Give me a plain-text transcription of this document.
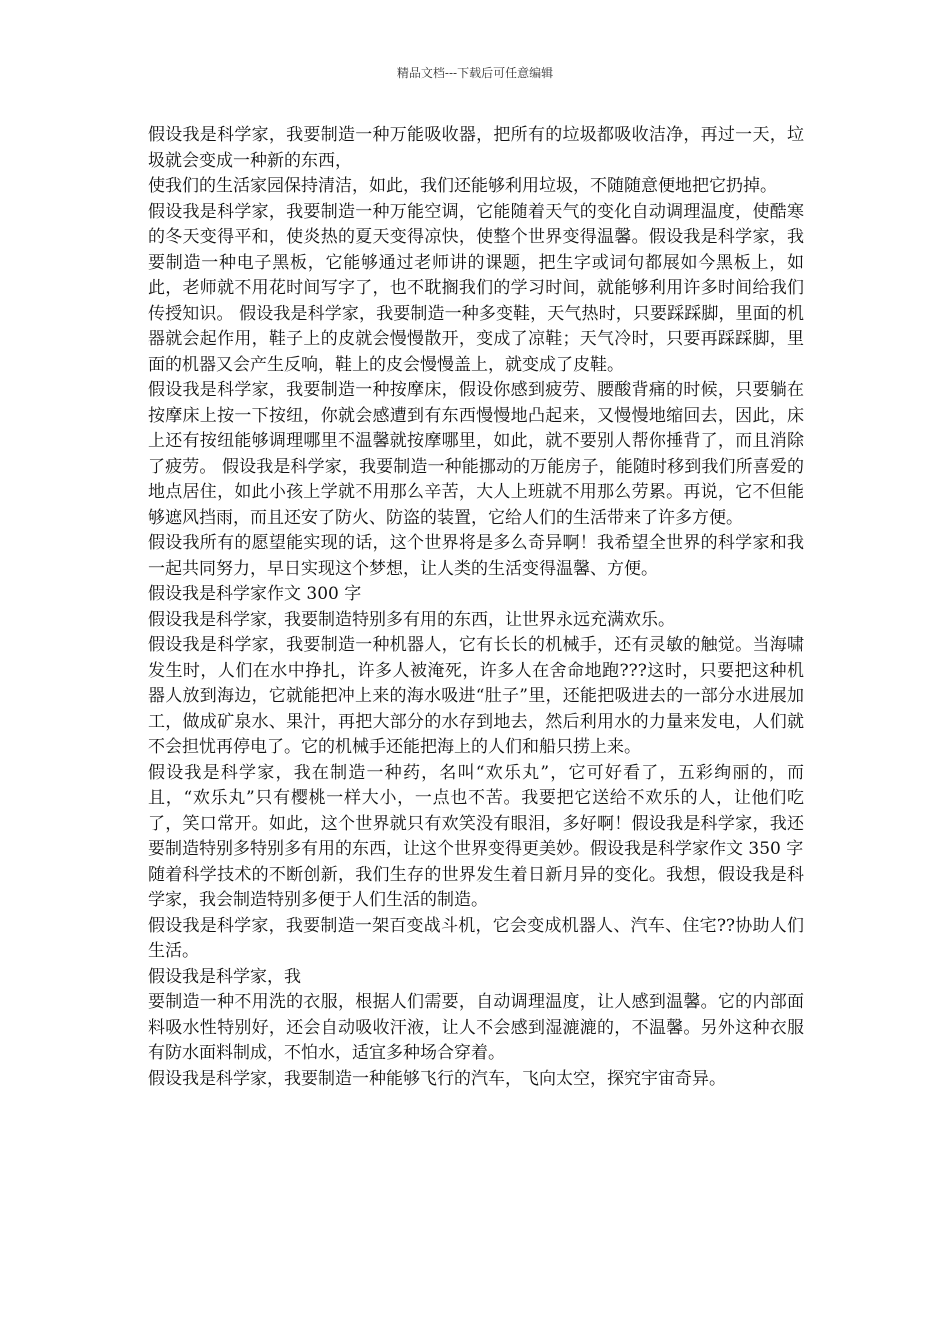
精品文档---下载后可任意编辑

假设我是科学家，我要制造一种万能吸收器，把所有的垃圾都吸收洁净，再过一天，垃圾就会变成一种新的东西，

使我们的生活家园保持清洁，如此，我们还能够利用垃圾，不随随意便地把它扔掉。

假设我是科学家，我要制造一种万能空调，它能随着天气的变化自动调理温度，使酷寒的冬天变得平和，使炎热的夏天变得凉快，使整个世界变得温馨。假设我是科学家，我要制造一种电子黑板，它能够通过老师讲的课题，把生字或词句都展如今黑板上，如此，老师就不用花时间写字了，也不耽搁我们的学习时间，就能够利用许多时间给我们传授知识。 假设我是科学家，我要制造一种多变鞋，天气热时，只要踩踩脚，里面的机器就会起作用，鞋子上的皮就会慢慢散开，变成了凉鞋；天气冷时，只要再踩踩脚，里面的机器又会产生反响，鞋上的皮会慢慢盖上，就变成了皮鞋。

假设我是科学家，我要制造一种按摩床，假设你感到疲劳、腰酸背痛的时候，只要躺在按摩床上按一下按纽，你就会感遭到有东西慢慢地凸起来，又慢慢地缩回去，因此，床上还有按纽能够调理哪里不温馨就按摩哪里，如此，就不要别人帮你捶背了，而且消除了疲劳。 假设我是科学家，我要制造一种能挪动的万能房子，能随时移到我们所喜爱的地点居住，如此小孩上学就不用那么辛苦，大人上班就不用那么劳累。再说，它不但能够遮风挡雨，而且还安了防火、防盗的装置，它给人们的生活带来了许多方便。

假设我所有的愿望能实现的话，这个世界将是多么奇异啊！我希望全世界的科学家和我一起共同努力，早日实现这个梦想，让人类的生活变得温馨、方便。

假设我是科学家作文 300 字

假设我是科学家，我要制造特别多有用的东西，让世界永远充满欢乐。

假设我是科学家，我要制造一种机器人，它有长长的机械手，还有灵敏的触觉。当海啸发生时，人们在水中挣扎，许多人被淹死，许多人在舍命地跑???这时，只要把这种机器人放到海边，它就能把冲上来的海水吸进“肚子”里，还能把吸进去的一部分水进展加工，做成矿泉水、果汁，再把大部分的水存到地去，然后利用水的力量来发电，人们就不会担忧再停电了。它的机械手还能把海上的人们和船只捞上来。

假设我是科学家，我在制造一种药，名叫“欢乐丸”，它可好看了，五彩绚丽的，而且，“欢乐丸”只有樱桃一样大小，一点也不苦。我要把它送给不欢乐的人，让他们吃了，笑口常开。如此，这个世界就只有欢笑没有眼泪，多好啊！假设我是科学家，我还要制造特别多特别多有用的东西，让这个世界变得更美妙。假设我是科学家作文 350 字

随着科学技术的不断创新，我们生存的世界发生着日新月异的变化。我想，假设我是科学家，我会制造特别多便于人们生活的制造。

假设我是科学家，我要制造一架百变战斗机，它会变成机器人、汽车、住宅??协助人们生活。

假设我是科学家，我

要制造一种不用洗的衣服，根据人们需要，自动调理温度，让人感到温馨。它的内部面料吸水性特别好，还会自动吸收汗液，让人不会感到湿漉漉的，不温馨。另外这种衣服有防水面料制成，不怕水，适宜多种场合穿着。

假设我是科学家，我要制造一种能够飞行的汽车，飞向太空，探究宇宙奇异。
